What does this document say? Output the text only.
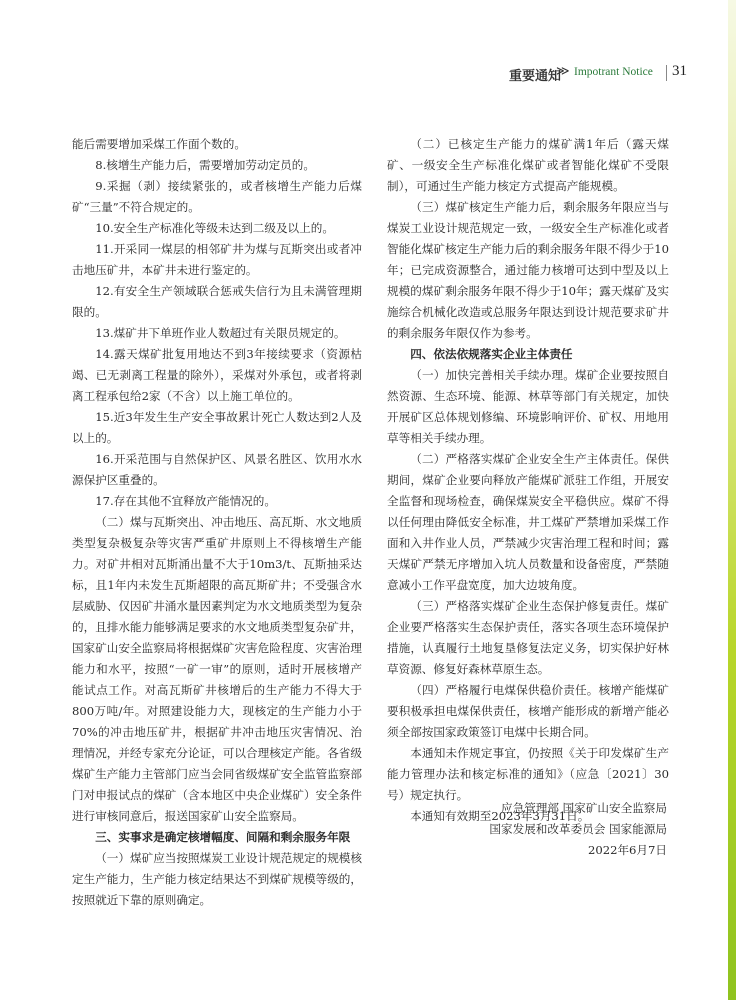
重要通知
≫ Impotrant Notice 31

能后需要增加采煤工作面个数的。

8.核增生产能力后，需要增加劳动定员的。

9.采掘（剥）接续紧张的，或者核增生产能力后煤矿“三量”不符合规定的。

10.安全生产标准化等级未达到二级及以上的。

11.开采同一煤层的相邻矿井为煤与瓦斯突出或者冲击地压矿井，本矿井未进行鉴定的。

12.有安全生产领域联合惩戒失信行为且未满管理期限的。

13.煤矿井下单班作业人数超过有关限员规定的。

14.露天煤矿批复用地达不到3年接续要求（资源枯竭、已无剥离工程量的除外），采煤对外承包，或者将剥离工程承包给2家（不含）以上施工单位的。

15.近3年发生生产安全事故累计死亡人数达到2人及以上的。

16.开采范围与自然保护区、风景名胜区、饮用水水源保护区重叠的。

17.存在其他不宜释放产能情况的。

（二）煤与瓦斯突出、冲击地压、高瓦斯、水文地质类型复杂极复杂等灾害严重矿井原则上不得核增生产能力。对矿井相对瓦斯涌出量不大于10m3/t、瓦斯抽采达标，且1年内未发生瓦斯超限的高瓦斯矿井；不受强含水层威胁、仅因矿井涌水量因素判定为水文地质类型为复杂的，且排水能力能够满足要求的水文地质类型复杂矿井，国家矿山安全监察局将根据煤矿灾害危险程度、灾害治理能力和水平，按照“一矿一审”的原则，适时开展核增产能试点工作。对高瓦斯矿井核增后的生产能力不得大于800万吨/年。对照建设能力大，现核定的生产能力小于70%的冲击地压矿井，根据矿井冲击地压灾害情况、治理情况，并经专家充分论证，可以合理核定产能。各省级煤矿生产能力主管部门应当会同省级煤矿安全监管监察部门对申报试点的煤矿（含本地区中央企业煤矿）安全条件进行审核同意后，报送国家矿山安全监察局。

三、实事求是确定核增幅度、间隔和剩余服务年限

（一）煤矿应当按照煤炭工业设计规范规定的规模核定生产能力，生产能力核定结果达不到煤矿规模等级的，按照就近下靠的原则确定。

（二）已核定生产能力的煤矿满1年后（露天煤矿、一级安全生产标准化煤矿或者智能化煤矿不受限制），可通过生产能力核定方式提高产能规模。

（三）煤矿核定生产能力后，剩余服务年限应当与煤炭工业设计规范规定一致，一级安全生产标准化或者智能化煤矿核定生产能力后的剩余服务年限不得少于10年；已完成资源整合，通过能力核增可达到中型及以上规模的煤矿剩余服务年限不得少于10年；露天煤矿及实施综合机械化改造或总服务年限达到设计规范要求矿井的剩余服务年限仅作为参考。

四、依法依规落实企业主体责任

（一）加快完善相关手续办理。煤矿企业要按照自然资源、生态环境、能源、林草等部门有关规定，加快开展矿区总体规划修编、环境影响评价、矿权、用地用草等相关手续办理。

（二）严格落实煤矿企业安全生产主体责任。保供期间，煤矿企业要向释放产能煤矿派驻工作组，开展安全监督和现场检查，确保煤炭安全平稳供应。煤矿不得以任何理由降低安全标准，井工煤矿严禁增加采煤工作面和入井作业人员，严禁减少灾害治理工程和时间；露天煤矿严禁无序增加入坑人员数量和设备密度，严禁随意减小工作平盘宽度，加大边坡角度。

（三）严格落实煤矿企业生态保护修复责任。煤矿企业要严格落实生态保护责任，落实各项生态环境保护措施，认真履行土地复垦修复法定义务，切实保护好林草资源、修复好森林草原生态。

（四）严格履行电煤保供稳价责任。核增产能煤矿要积极承担电煤保供责任，核增产能形成的新增产能必须全部按国家政策签订电煤中长期合同。

本通知未作规定事宜，仍按照《关于印发煤矿生产能力管理办法和核定标准的通知》（应急〔2021〕30号）规定执行。

本通知有效期至2023年3月31日。

应急管理部 国家矿山安全监察局
国家发展和改革委员会 国家能源局
2022年6月7日
